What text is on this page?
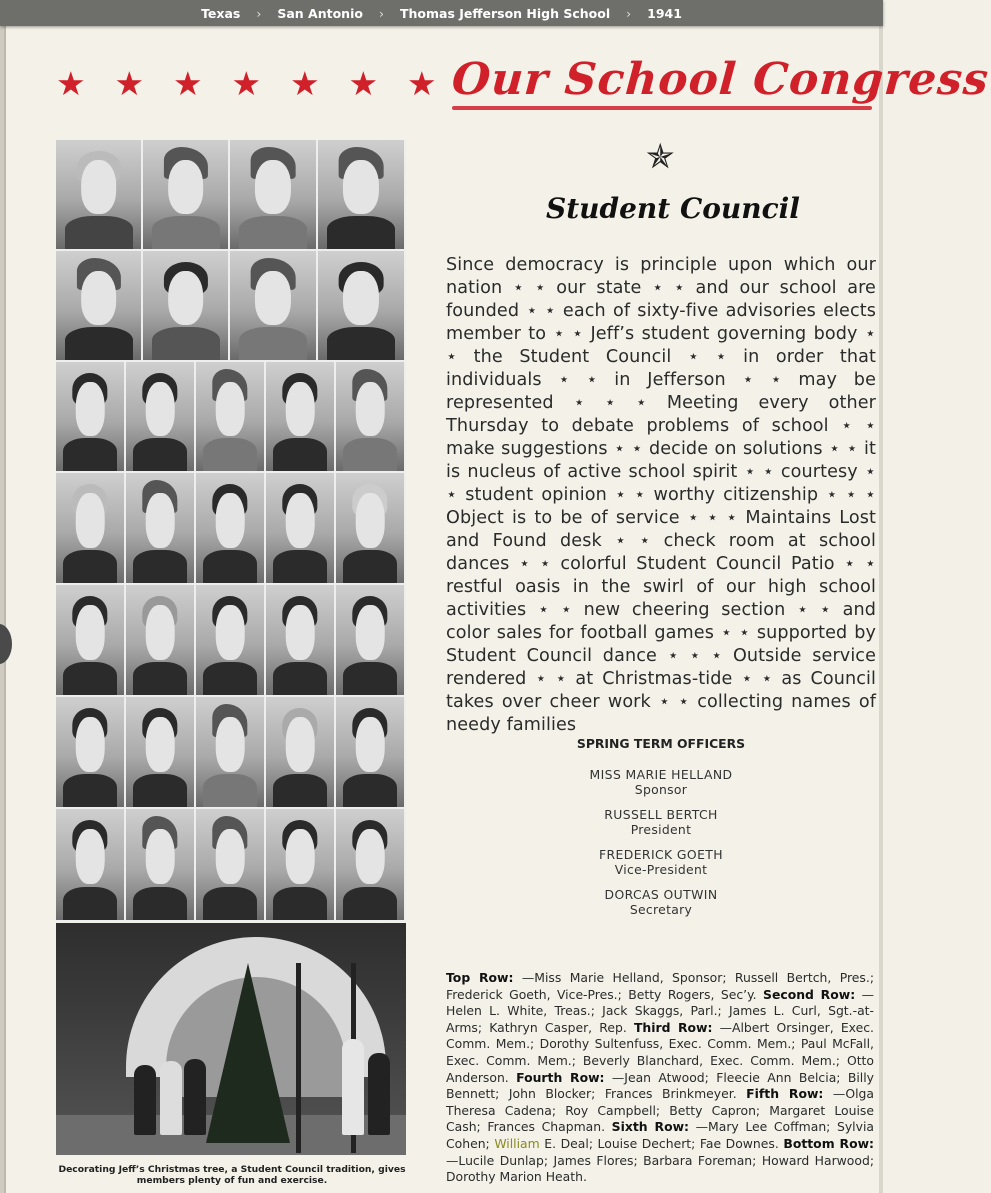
Texas › San Antonio › Thomas Jefferson High School › 1941
★ ★ ★ ★ ★ ★ ★ Our School Congress
Decorating Jeff’s Christmas tree, a Student Council tradition, gives members plenty of fun and exercise.
✯
Student Council
Since democracy is principle upon which our nation ⋆ ⋆ our state ⋆ ⋆ and our school are founded ⋆ ⋆ each of sixty-five advisories elects member to ⋆ ⋆ Jeff’s student governing body ⋆ ⋆ the Student Council ⋆ ⋆ in order that individuals ⋆ ⋆ in Jefferson ⋆ ⋆ may be represented ⋆ ⋆ ⋆ Meeting every other Thursday to debate problems of school ⋆ ⋆ make suggestions ⋆ ⋆ decide on solutions ⋆ ⋆ it is nucleus of active school spirit ⋆ ⋆ courtesy ⋆ ⋆ student opinion ⋆ ⋆ worthy citizenship ⋆ ⋆ ⋆ Object is to be of service ⋆ ⋆ ⋆ Maintains Lost and Found desk ⋆ ⋆ check room at school dances ⋆ ⋆ colorful Student Council Patio ⋆ ⋆ restful oasis in the swirl of our high school activities ⋆ ⋆ new cheering section ⋆ ⋆ and color sales for football games ⋆ ⋆ supported by Student Council dance ⋆ ⋆ ⋆ Outside service rendered ⋆ ⋆ at Christmas-tide ⋆ ⋆ as Council takes over cheer work ⋆ ⋆ collecting names of needy families
SPRING TERM OFFICERS
MISS MARIE HELLAND
Sponsor
RUSSELL BERTCH
President
FREDERICK GOETH
Vice-President
DORCAS OUTWIN
Secretary
Top Row: —Miss Marie Helland, Sponsor; Russell Bertch, Pres.; Frederick Goeth, Vice-Pres.; Betty Rogers, Sec’y. Second Row: —Helen L. White, Treas.; Jack Skaggs, Parl.; James L. Curl, Sgt.-at-Arms; Kathryn Casper, Rep. Third Row: —Albert Orsinger, Exec. Comm. Mem.; Dorothy Sultenfuss, Exec. Comm. Mem.; Paul McFall, Exec. Comm. Mem.; Beverly Blanchard, Exec. Comm. Mem.; Otto Anderson. Fourth Row: —Jean Atwood; Fleecie Ann Belcia; Billy Bennett; John Blocker; Frances Brinkmeyer. Fifth Row: —Olga Theresa Cadena; Roy Campbell; Betty Capron; Margaret Louise Cash; Frances Chapman. Sixth Row: —Mary Lee Coffman; Sylvia Cohen; William E. Deal; Louise Dechert; Fae Downes. Bottom Row: —Lucile Dunlap; James Flores; Barbara Foreman; Howard Harwood; Dorothy Marion Heath.
